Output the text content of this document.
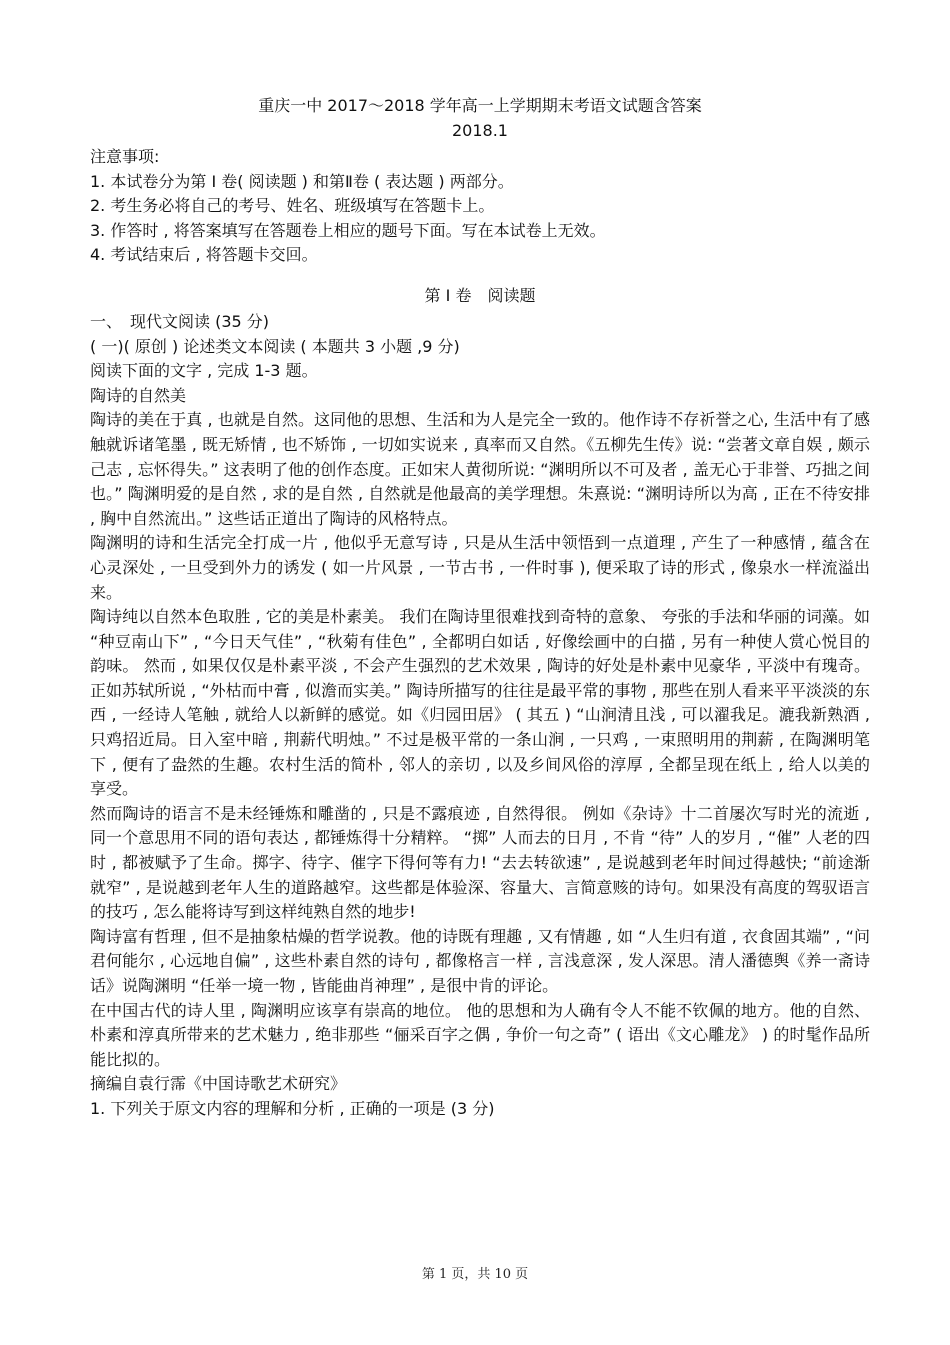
重庆一中 2017～2018 学年高一上学期期末考语文试题含答案
2018.1
注意事项:
1. 本试卷分为第 Ⅰ 卷( 阅读题 ) 和第Ⅱ卷 ( 表达题 ) 两部分。
2. 考生务必将自己的考号、姓名、班级填写在答题卡上。
3. 作答时 , 将答案填写在答题卷上相应的题号下面。写在本试卷上无效。
4. 考试结束后 , 将答题卡交回。
第 Ⅰ 卷　阅读题
一、　现代文阅读 (35 分)
( 一)( 原创 ) 论述类文本阅读 ( 本题共 3 小题 ,9 分)
阅读下面的文字 , 完成 1-3 题。
陶诗的自然美
陶诗的美在于真 , 也就是自然。这同他的思想、生活和为人是完全一致的。他作诗不存祈誉之心, 生活中有了感触就诉诸笔墨 , 既无矫情 , 也不矫饰 , 一切如实说来 , 真率而又自然。《五柳先生传》说: “尝著文章自娱 , 颇示己志 , 忘怀得失。” 这表明了他的创作态度。正如宋人黄彻所说: “渊明所以不可及者 , 盖无心于非誉、巧拙之间也。” 陶渊明爱的是自然 , 求的是自然 , 自然就是他最高的美学理想。朱熹说: “渊明诗所以为高 , 正在不待安排 , 胸中自然流出。” 这些话正道出了陶诗的风格特点。
陶渊明的诗和生活完全打成一片 , 他似乎无意写诗 , 只是从生活中领悟到一点道理 , 产生了一种感情 , 蕴含在心灵深处 , 一旦受到外力的诱发 ( 如一片风景 , 一节古书 , 一件时事 ), 便采取了诗的形式 , 像泉水一样流溢出来。
陶诗纯以自然本色取胜 , 它的美是朴素美。 我们在陶诗里很难找到奇特的意象、 夸张的手法和华丽的词藻。如 “种豆南山下” , “今日天气佳” , “秋菊有佳色” , 全都明白如话 , 好像绘画中的白描 , 另有一种使人赏心悦目的韵味。 然而 , 如果仅仅是朴素平淡 , 不会产生强烈的艺术效果 , 陶诗的好处是朴素中见豪华 , 平淡中有瑰奇。正如苏轼所说 , “外枯而中膏 , 似澹而实美。” 陶诗所描写的往往是最平常的事物 , 那些在别人看来平平淡淡的东西 , 一经诗人笔触 , 就给人以新鲜的感觉。如《归园田居》 ( 其五 ) “山涧清且浅 , 可以濯我足。漉我新熟酒 , 只鸡招近局。日入室中暗 , 荆薪代明烛。” 不过是极平常的一条山涧 , 一只鸡 , 一束照明用的荆薪 , 在陶渊明笔下 , 便有了盎然的生趣。农村生活的简朴 , 邻人的亲切 , 以及乡间风俗的淳厚 , 全都呈现在纸上 , 给人以美的享受。
然而陶诗的语言不是未经锤炼和雕凿的 , 只是不露痕迹 , 自然得很。 例如《杂诗》十二首屡次写时光的流逝 , 同一个意思用不同的语句表达 , 都锤炼得十分精粹。 “掷” 人而去的日月 , 不肯 “待” 人的岁月 , “催” 人老的四时 , 都被赋予了生命。掷字、待字、催字下得何等有力! “去去转欲速” , 是说越到老年时间过得越快; “前途渐就窄” , 是说越到老年人生的道路越窄。这些都是体验深、容量大、言简意赅的诗句。如果没有高度的驾驭语言的技巧 , 怎么能将诗写到这样纯熟自然的地步!
陶诗富有哲理 , 但不是抽象枯燥的哲学说教。他的诗既有理趣 , 又有情趣 , 如 “人生归有道 , 衣食固其端” , “问君何能尔 , 心远地自偏” , 这些朴素自然的诗句 , 都像格言一样 , 言浅意深 , 发人深思。清人潘德舆《养一斋诗话》说陶渊明 “任举一境一物 , 皆能曲肖神理” , 是很中肯的评论。
在中国古代的诗人里 , 陶渊明应该享有崇高的地位。 他的思想和为人确有令人不能不钦佩的地方。他的自然、朴素和淳真所带来的艺术魅力 , 绝非那些 “俪采百字之偶 , 争价一句之奇” ( 语出《文心雕龙》 ) 的时髦作品所能比拟的。
摘编自袁行霈《中国诗歌艺术研究》
1. 下列关于原文内容的理解和分析 , 正确的一项是 (3 分)
第 1 页，共 10 页
